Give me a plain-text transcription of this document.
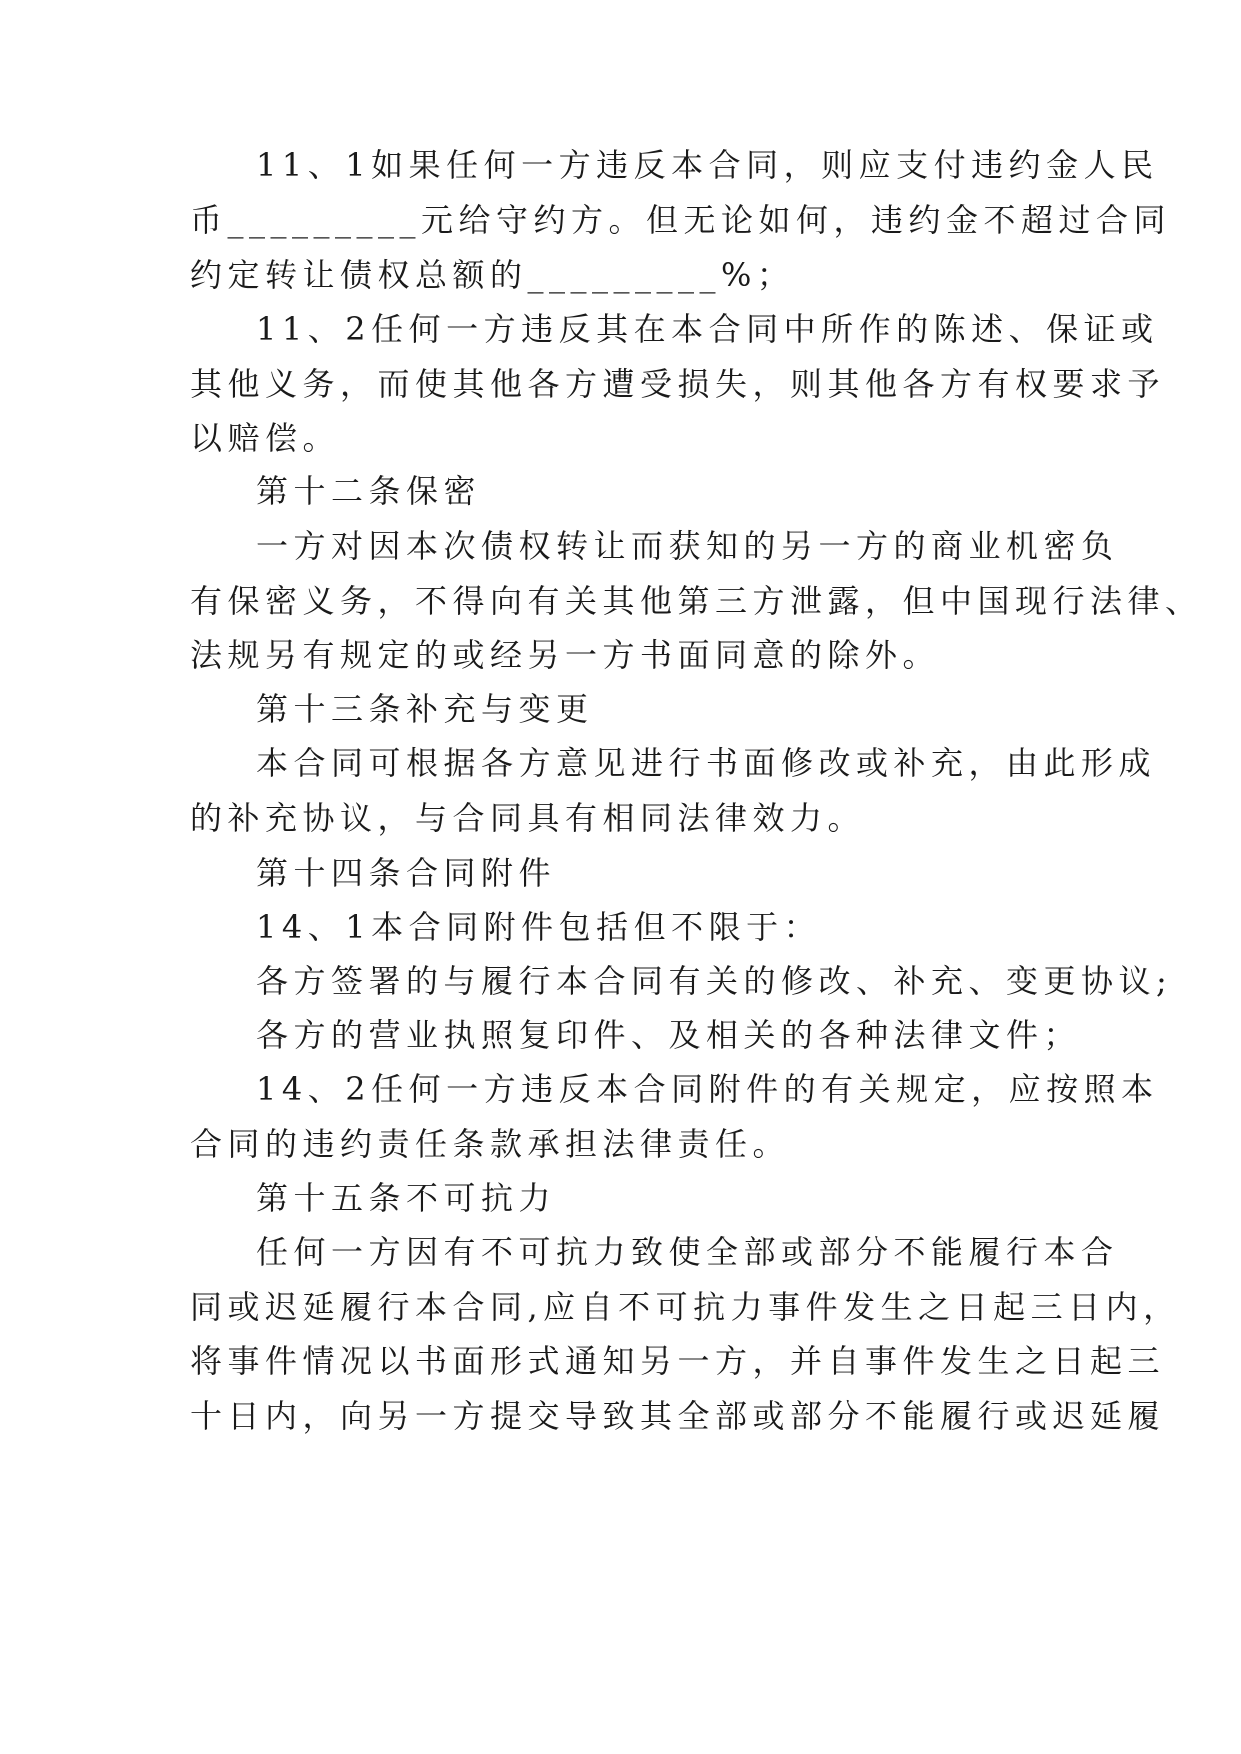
11、1如果任何一方违反本合同，则应支付违约金人民
币_________元给守约方。但无论如何，违约金不超过合同
约定转让债权总额的_________%；
11、2任何一方违反其在本合同中所作的陈述、保证或
其他义务，而使其他各方遭受损失，则其他各方有权要求予
以赔偿。
第十二条保密
一方对因本次债权转让而获知的另一方的商业机密负
有保密义务，不得向有关其他第三方泄露，但中国现行法律、
法规另有规定的或经另一方书面同意的除外。
第十三条补充与变更
本合同可根据各方意见进行书面修改或补充，由此形成
的补充协议，与合同具有相同法律效力。
第十四条合同附件
14、1本合同附件包括但不限于：
各方签署的与履行本合同有关的修改、补充、变更协议;
各方的营业执照复印件、及相关的各种法律文件；
14、2任何一方违反本合同附件的有关规定，应按照本
合同的违约责任条款承担法律责任。
第十五条不可抗力
任何一方因有不可抗力致使全部或部分不能履行本合
同或迟延履行本合同,应自不可抗力事件发生之日起三日内，
将事件情况以书面形式通知另一方，并自事件发生之日起三
十日内，向另一方提交导致其全部或部分不能履行或迟延履
